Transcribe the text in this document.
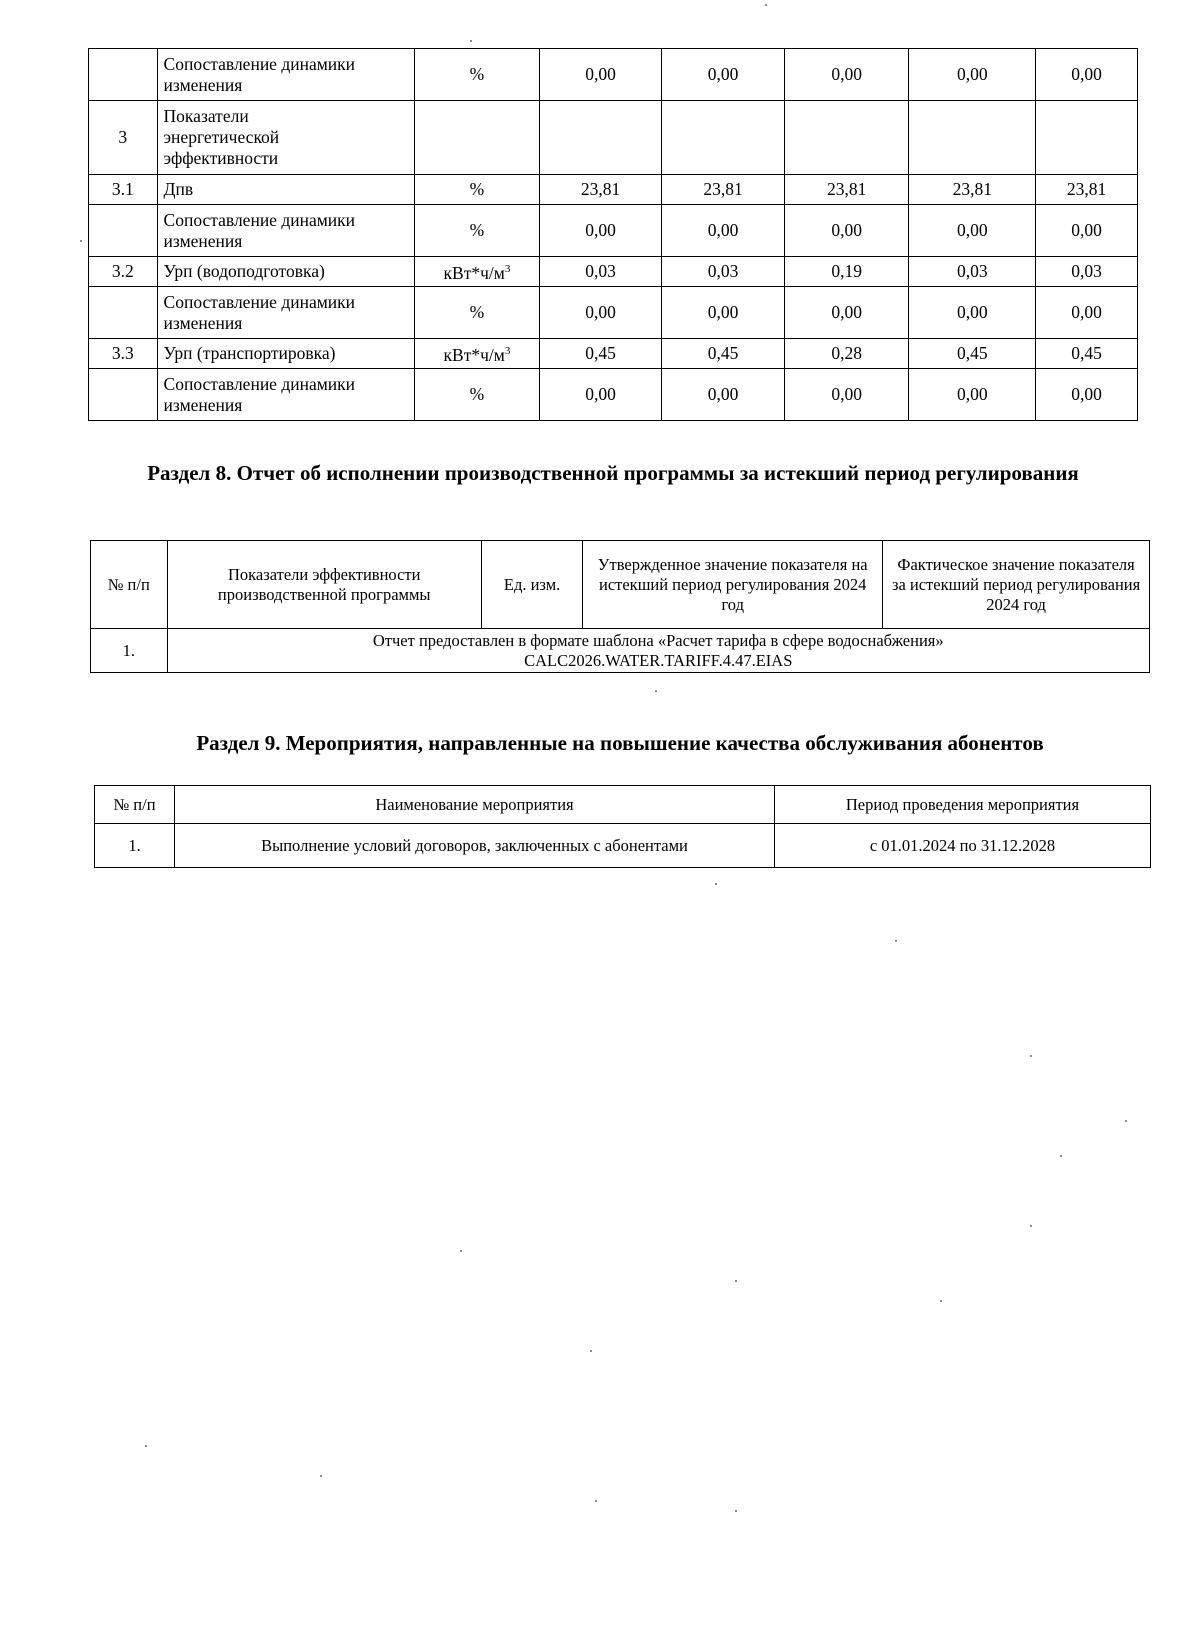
	Сопоставление динамики изменения	%	0,00	0,00	0,00	0,00	0,00
3	Показатели энергетической эффективности						
3.1	Дпв	%	23,81	23,81	23,81	23,81	23,81
	Сопоставление динамики изменения	%	0,00	0,00	0,00	0,00	0,00
3.2	Урп (водоподготовка)	$кВт*ч/м^3$	0,03	0,03	0,19	0,03	0,03
	Сопоставление динамики изменения	%	0,00	0,00	0,00	0,00	0,00
3.3	Урп (транспортировка)	$кВт*ч/м^3$	0,45	0,45	0,28	0,45	0,45
	Сопоставление динамики изменения	%	0,00	0,00	0,00	0,00	0,00
Раздел 8. Отчет об исполнении производственной программы за истекший период регулирования
№ п/п	Показатели эффективности производственной программы	Ед. изм.	Утвержденное значение показателя на истекший период регулирования 2024 год	Фактическое значение показателя за истекший период регулирования 2024 год
1.	Отчет предоставлен в формате шаблона «Расчет тарифа в сфере водоснабжения» CALC2026.WATER.TARIFF.4.47.EIAS			
Раздел 9. Мероприятия, направленные на повышение качества обслуживания абонентов
№ п/п	Наименование мероприятия	Период проведения мероприятия
1.	Выполнение условий договоров, заключенных с абонентами	с 01.01.2024 по 31.12.2028
